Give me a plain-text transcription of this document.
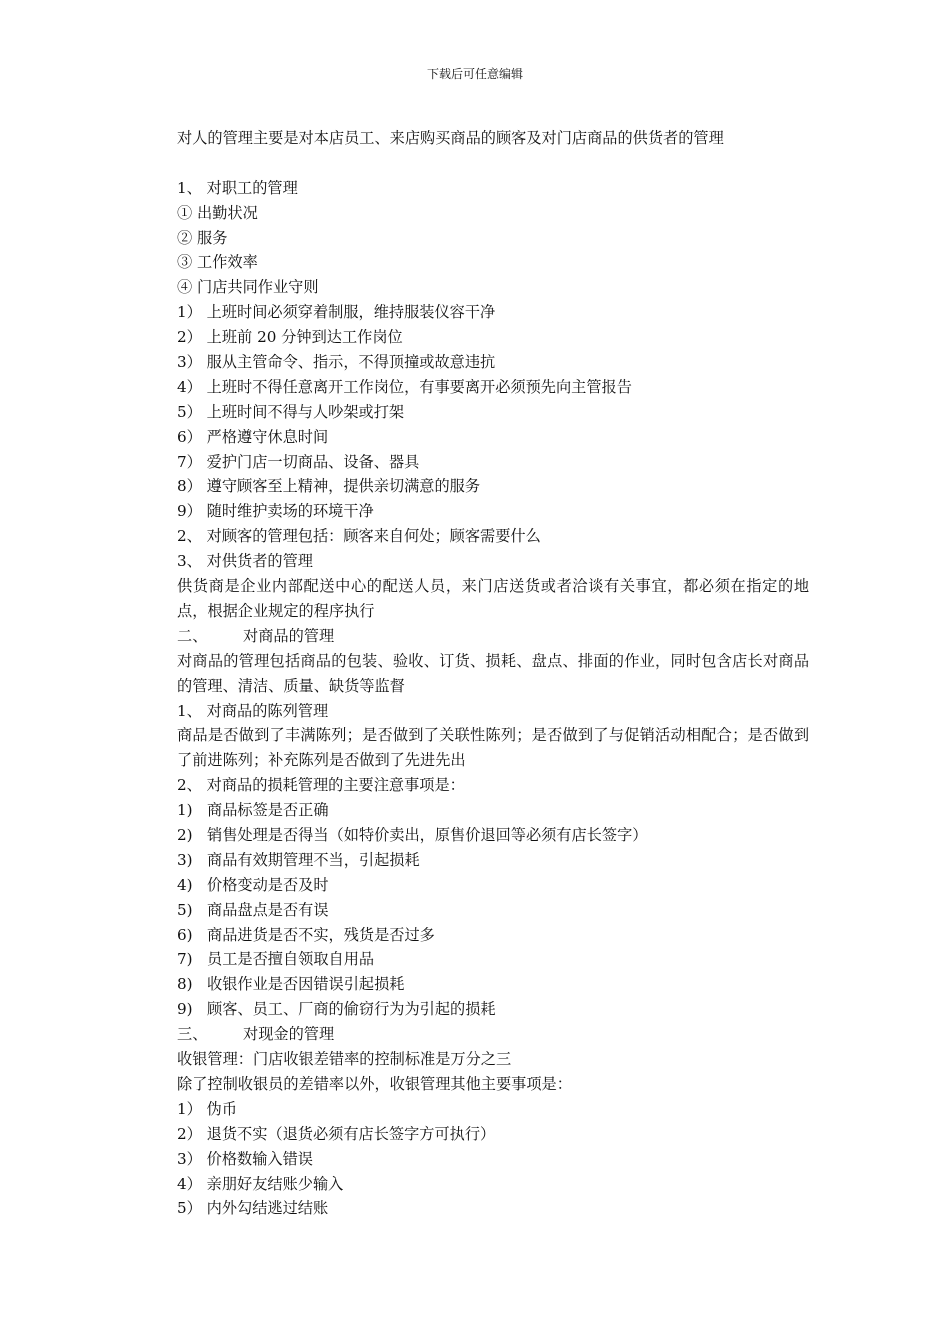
下载后可任意编辑
对人的管理主要是对本店员工、来店购买商品的顾客及对门店商品的供货者的管理
1、 对职工的管理
① 出勤状况
② 服务
③ 工作效率
④ 门店共同作业守则
1） 上班时间必须穿着制服，维持服装仪容干净
2） 上班前 20 分钟到达工作岗位
3） 服从主管命令、指示，不得顶撞或故意违抗
4） 上班时不得任意离开工作岗位，有事要离开必须预先向主管报告
5） 上班时间不得与人吵架或打架
6） 严格遵守休息时间
7） 爱护门店一切商品、设备、器具
8） 遵守顾客至上精神，提供亲切满意的服务
9） 随时维护卖场的环境干净
2、 对顾客的管理包括：顾客来自何处；顾客需要什么
3、 对供货者的管理
供货商是企业内部配送中心的配送人员，来门店送货或者洽谈有关事宜，都必须在指定的地点，根据企业规定的程序执行
二、 对商品的管理
对商品的管理包括商品的包装、验收、订货、损耗、盘点、排面的作业，同时包含店长对商品的管理、清洁、质量、缺货等监督
1、 对商品的陈列管理
商品是否做到了丰满陈列；是否做到了关联性陈列；是否做到了与促销活动相配合；是否做到了前进陈列；补充陈列是否做到了先进先出
2、 对商品的损耗管理的主要注意事项是：
1) 商品标签是否正确
2) 销售处理是否得当（如特价卖出，原售价退回等必须有店长签字）
3) 商品有效期管理不当，引起损耗
4) 价格变动是否及时
5) 商品盘点是否有误
6) 商品进货是否不实，残货是否过多
7) 员工是否擅自领取自用品
8) 收银作业是否因错误引起损耗
9) 顾客、员工、厂商的偷窃行为为引起的损耗
三、 对现金的管理
收银管理：门店收银差错率的控制标准是万分之三
除了控制收银员的差错率以外，收银管理其他主要事项是：
1） 伪币
2） 退货不实（退货必须有店长签字方可执行）
3） 价格数输入错误
4） 亲朋好友结账少输入
5） 内外勾结逃过结账
